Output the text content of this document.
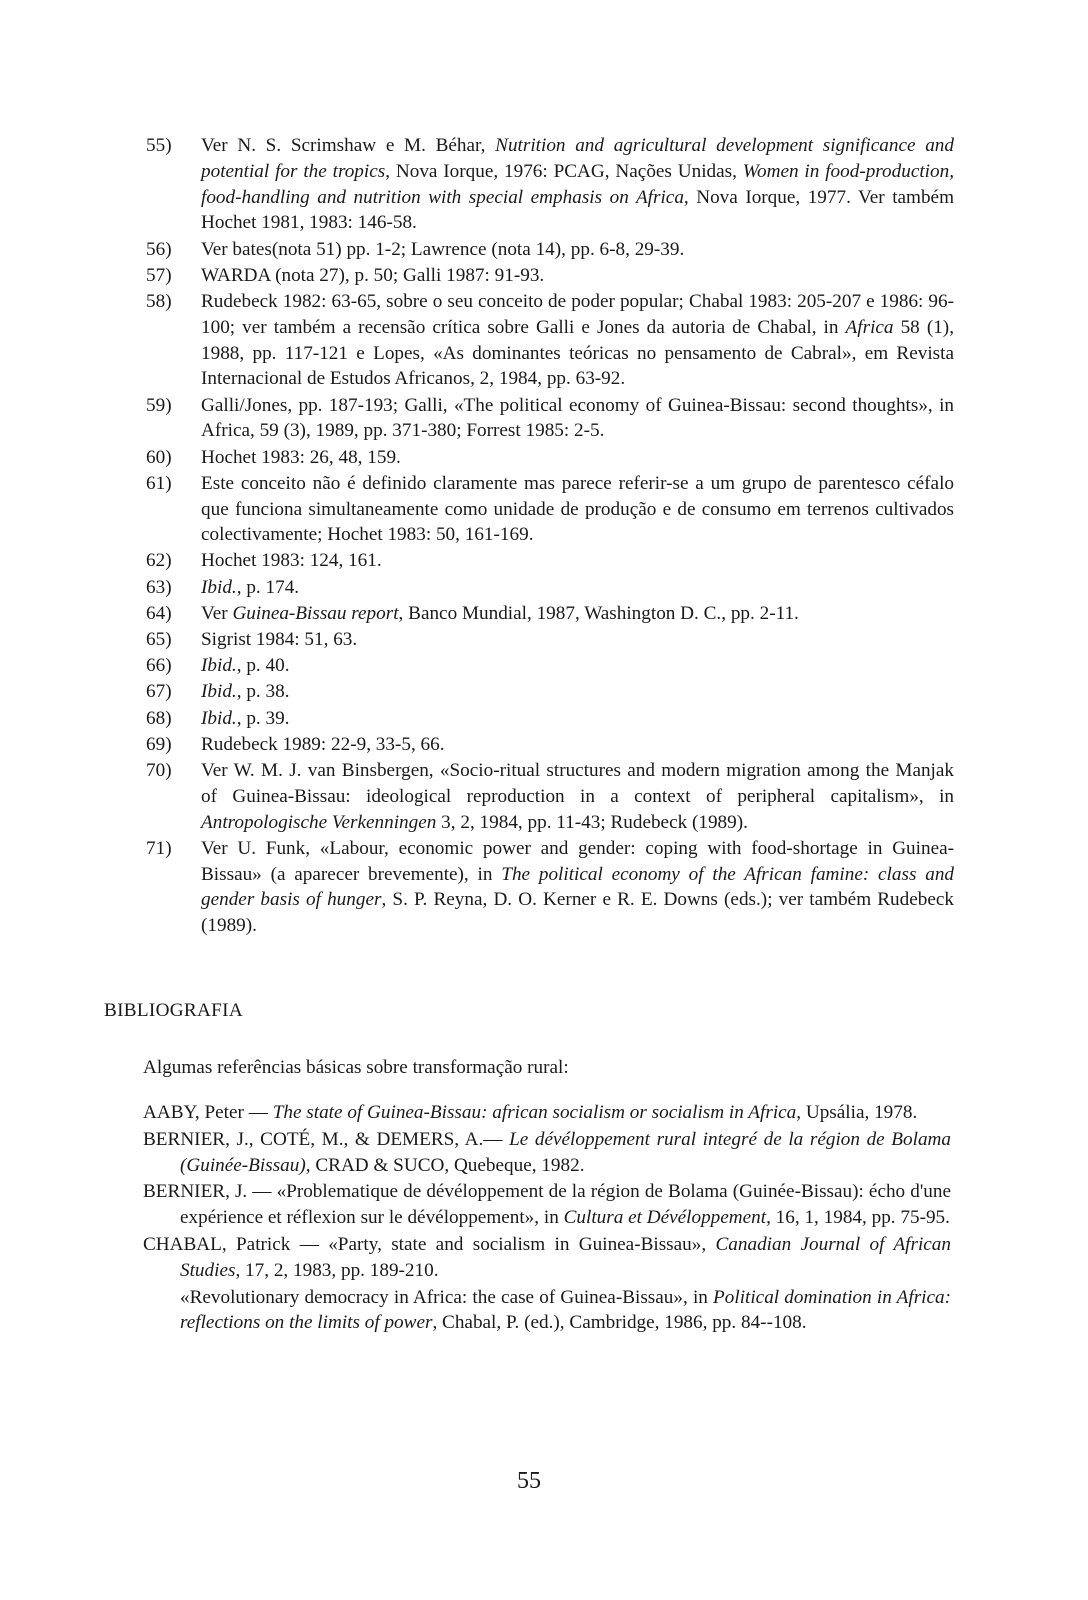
55)	Ver N. S. Scrimshaw e M. Béhar, Nutrition and agricultural development significance and potential for the tropics, Nova Iorque, 1976: PCAG, Nações Unidas, Women in food-production, food-handling and nutrition with special emphasis on Africa, Nova Iorque, 1977. Ver também Hochet 1981, 1983: 146-58.
56)	Ver bates(nota 51) pp. 1-2; Lawrence (nota 14), pp. 6-8, 29-39.
57)	WARDA (nota 27), p. 50; Galli 1987: 91-93.
58)	Rudebeck 1982: 63-65, sobre o seu conceito de poder popular; Chabal 1983: 205-207 e 1986: 96-100; ver também a recensão crítica sobre Galli e Jones da autoria de Chabal, in Africa 58 (1), 1988, pp. 117-121 e Lopes, «As dominantes teóricas no pensamento de Cabral», em Revista Internacional de Estudos Africanos, 2, 1984, pp. 63-92.
59)	Galli/Jones, pp. 187-193; Galli, «The political economy of Guinea-Bissau: second thoughts», in Africa, 59 (3), 1989, pp. 371-380; Forrest 1985: 2-5.
60)	Hochet 1983: 26, 48, 159.
61)	Este conceito não é definido claramente mas parece referir-se a um grupo de parentesco céfalo que funciona simultaneamente como unidade de produção e de consumo em terrenos cultivados colectivamente; Hochet 1983: 50, 161-169.
62)	Hochet 1983: 124, 161.
63)	Ibid., p. 174.
64)	Ver Guinea-Bissau report, Banco Mundial, 1987, Washington D. C., pp. 2-11.
65)	Sigrist 1984: 51, 63.
66)	Ibid., p. 40.
67)	Ibid., p. 38.
68)	Ibid., p. 39.
69)	Rudebeck 1989: 22-9, 33-5, 66.
70)	Ver W. M. J. van Binsbergen, «Socio-ritual structures and modern migration among the Manjak of Guinea-Bissau: ideological reproduction in a context of peripheral capitalism», in Antropologische Verkenningen 3, 2, 1984, pp. 11-43; Rudebeck (1989).
71)	Ver U. Funk, «Labour, economic power and gender: coping with food-shortage in Guinea-Bissau» (a aparecer brevemente), in The political economy of the African famine: class and gender basis of hunger, S. P. Reyna, D. O. Kerner e R. E. Downs (eds.); ver também Rudebeck (1989).
BIBLIOGRAFIA
Algumas referências básicas sobre transformação rural:
AABY, Peter — The state of Guinea-Bissau: african socialism or socialism in Africa, Upsália, 1978.
BERNIER, J., COTÉ, M., & DEMERS, A.— Le dévéloppement rural integré de la région de Bolama (Guinée-Bissau), CRAD & SUCO, Quebeque, 1982.
BERNIER, J. — «Problematique de dévéloppement de la région de Bolama (Guinée-Bissau): écho d'une expérience et réflexion sur le dévéloppement», in Cultura et Dévéloppement, 16, 1, 1984, pp. 75-95.
CHABAL, Patrick — «Party, state and socialism in Guinea-Bissau», Canadian Journal of African Studies, 17, 2, 1983, pp. 189-210.
«Revolutionary democracy in Africa: the case of Guinea-Bissau», in Political domination in Africa: reflections on the limits of power, Chabal, P. (ed.), Cambridge, 1986, pp. 84--108.
55
